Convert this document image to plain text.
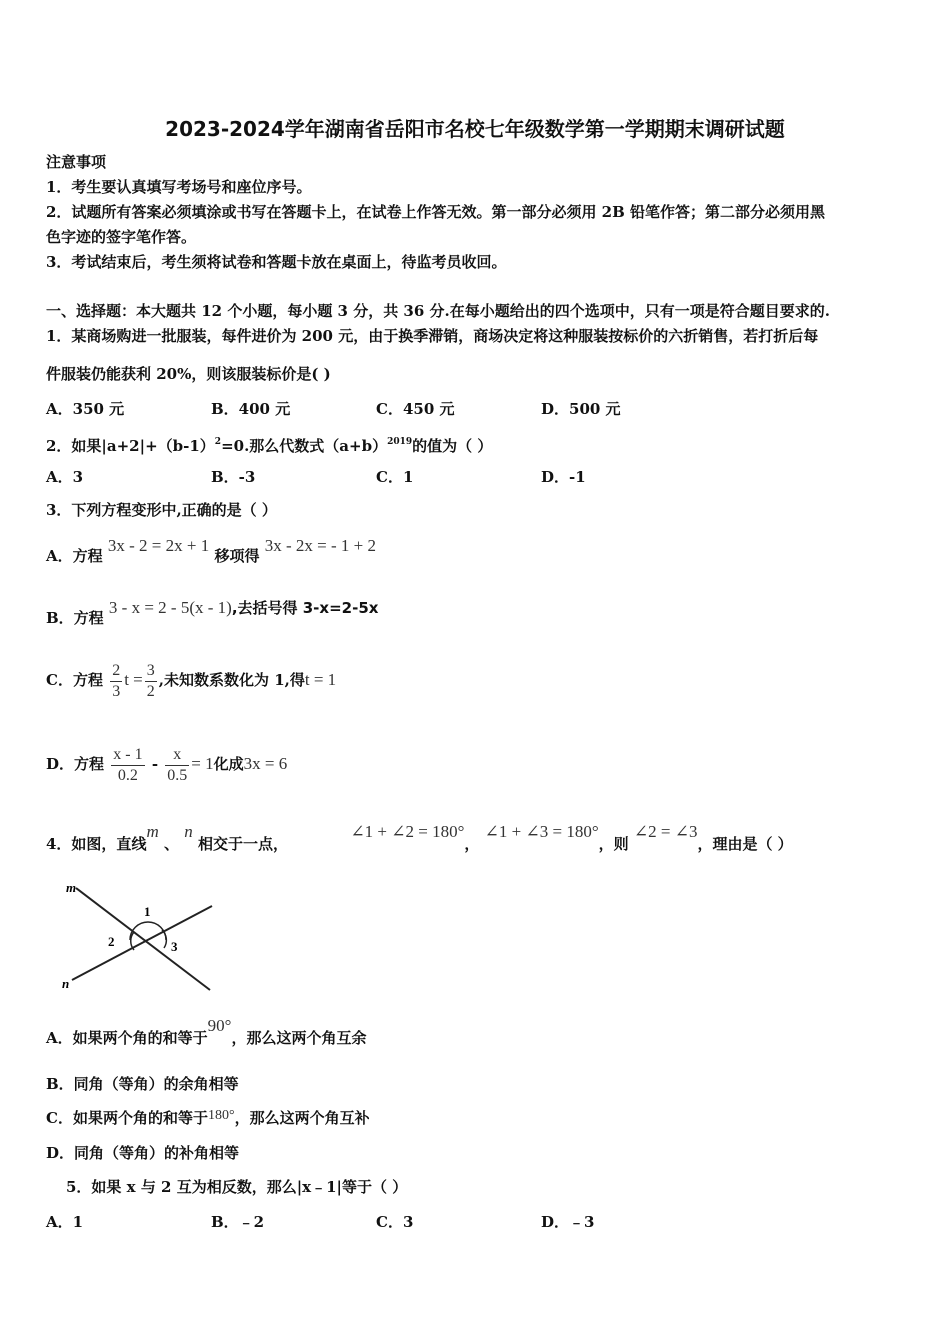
2023-2024学年湖南省岳阳市名校七年级数学第一学期期末调研试题
注意事项
1．考生要认真填写考场号和座位序号。
2．试题所有答案必须填涂或书写在答题卡上，在试卷上作答无效。第一部分必须用 2B 铅笔作答；第二部分必须用黑
色字迹的签字笔作答。
3．考试结束后，考生须将试卷和答题卡放在桌面上，待监考员收回。
一、选择题：本大题共 12 个小题，每小题 3 分，共 36 分.在每小题给出的四个选项中，只有一项是符合题目要求的.
1．某商场购进一批服装，每件进价为 200 元，由于换季滞销，商场决定将这种服装按标价的六折销售，若打折后每
件服装仍能获利 20%，则该服装标价是( )
A．350 元	B．400 元	C．450 元	D．500 元
2．如果$|a+2|+(b-1)^2=0$.那么代数式$(a+b)^{2019}$的值为（ ）
A．3	B．-3	C．1	D．-1
3．下列方程变形中,正确的是（ ）
A．方程 3x - 2 = 2x + 1 移项得 3x - 2x = - 1 + 2
B．方程 3 - x = 2 - 5(x - 1),去括号得 3-x=2-5x
C．方程 $\frac{2}{3}$ $t = \frac{3}{2}$ ,未知数系数化为 1,得t = 1
D．方程 $\frac{x - 1}{0.2} - \frac{x}{0.5} = 1$化成3x = 6
4．如图，直线m 、 n 相交于一点，  ∠1 + ∠2 = 180°， ∠1 + ∠3 = 180°，则 ∠2 = ∠3，理由是（ ）
m
n
1
2	3
A．如果两个角的和等于90°，那么这两个角互余
B．同角（等角）的余角相等
C．如果两个角的和等于180°，那么这两个角互补
D．同角（等角）的补角相等
5．如果 x 与 2 互为相反数，那么|x﹣1|等于（ ）
A．1	B．﹣2	C．3	D．﹣3
